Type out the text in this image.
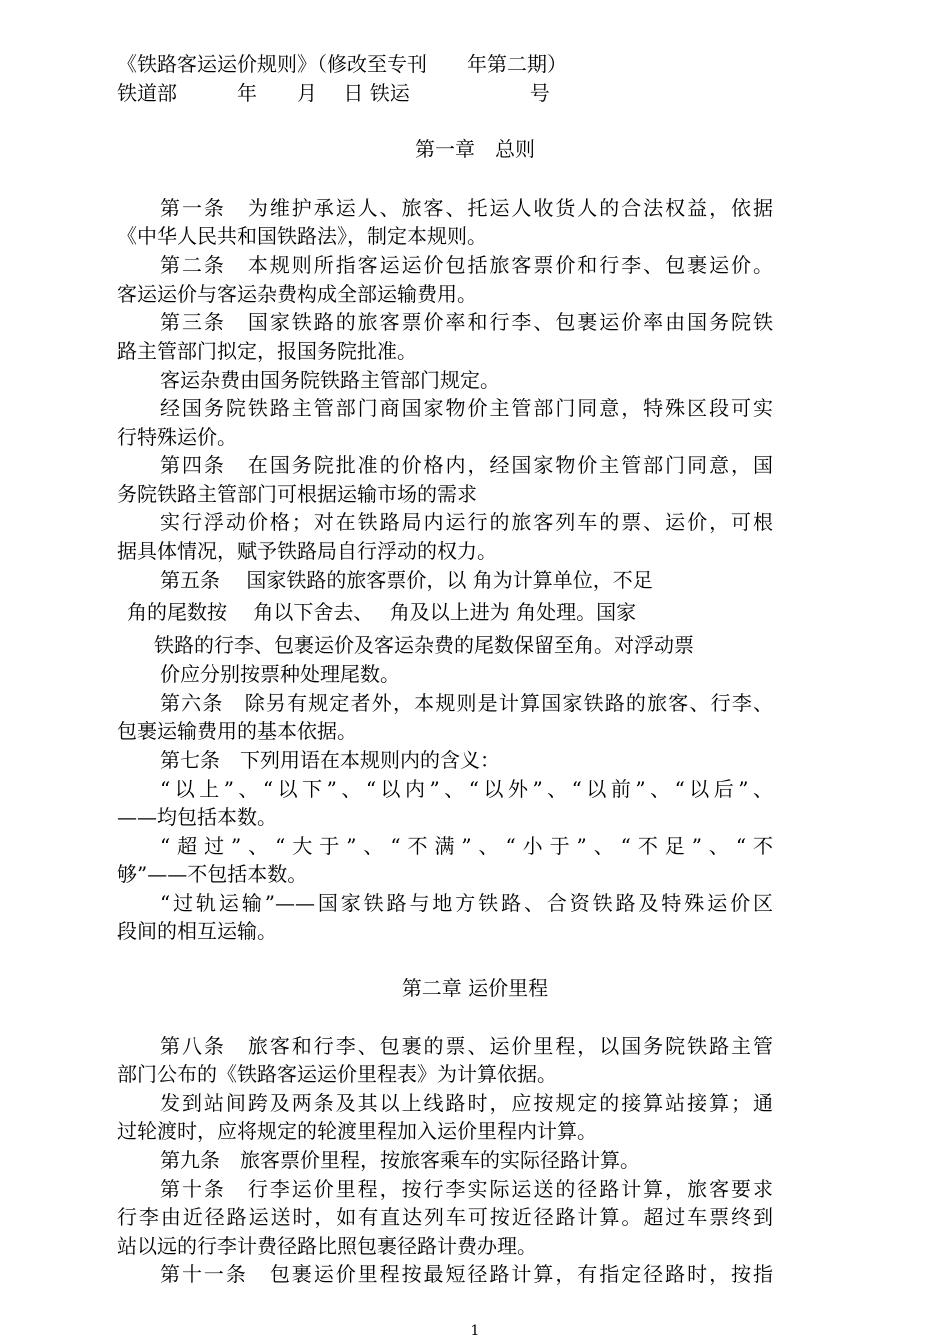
《铁路客运运价规则》（修改至专刊　　年第二期）
铁道部　　　年　　月　 日 铁运　　　　　　号
第一章　总则
第一条　为维护承运人、旅客、托运人收货人的合法权益，依据
《中华人民共和国铁路法》，制定本规则。
第二条　本规则所指客运运价包括旅客票价和行李、包裹运价。
客运运价与客运杂费构成全部运输费用。
第三条　国家铁路的旅客票价率和行李、包裹运价率由国务院铁
路主管部门拟定，报国务院批准。
客运杂费由国务院铁路主管部门规定。
经国务院铁路主管部门商国家物价主管部门同意，特殊区段可实
行特殊运价。
第四条　在国务院批准的价格内，经国家物价主管部门同意，国
务院铁路主管部门可根据运输市场的需求
实行浮动价格；对在铁路局内运行的旅客列车的票、运价，可根
据具体情况，赋予铁路局自行浮动的权力。
第五条　 国家铁路的旅客票价，以 角为计算单位，不足
角的尾数按　 角以下舍去、　 角及以上进为 角处理。国家
铁路的行李、包裹运价及客运杂费的尾数保留至角。对浮动票
价应分别按票种处理尾数。
第六条　除另有规定者外，本规则是计算国家铁路的旅客、行李、
包裹运输费用的基本依据。
第七条　下列用语在本规则内的含义：
“以上”、“以下”、“以内”、“以外”、“以前”、“以后”、
——均包括本数。
“超过”、“大于”、“不满”、“小于”、“不足”、“不
够”——不包括本数。
“过轨运输”——国家铁路与地方铁路、合资铁路及特殊运价区
段间的相互运输。
第二章 运价里程
第八条　旅客和行李、包裹的票、运价里程，以国务院铁路主管
部门公布的《铁路客运运价里程表》为计算依据。
发到站间跨及两条及其以上线路时，应按规定的接算站接算；通
过轮渡时，应将规定的轮渡里程加入运价里程内计算。
第九条　旅客票价里程，按旅客乘车的实际径路计算。
第十条　行李运价里程，按行李实际运送的径路计算，旅客要求
行李由近径路运送时，如有直达列车可按近径路计算。超过车票终到
站以远的行李计费径路比照包裹径路计费办理。
第十一条　包裹运价里程按最短径路计算，有指定径路时，按指
1
